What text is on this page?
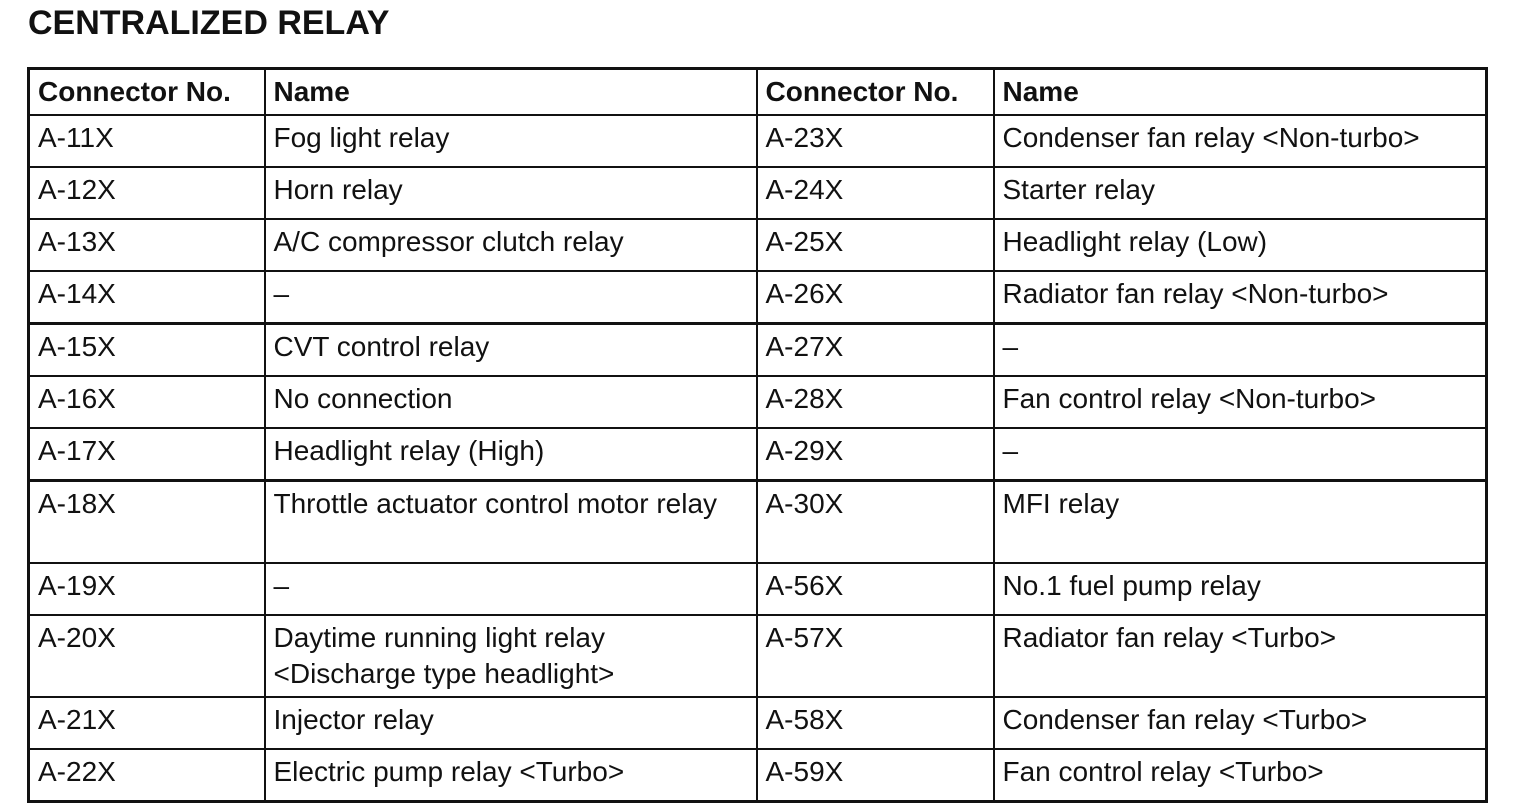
CENTRALIZED RELAY
Connector No.	Name	Connector No.	Name
A-11X	Fog light relay	A-23X	Condenser fan relay <Non-turbo>
A-12X	Horn relay	A-24X	Starter relay
A-13X	A/C compressor clutch relay	A-25X	Headlight relay (Low)
A-14X	–	A-26X	Radiator fan relay <Non-turbo>
A-15X	CVT control relay	A-27X	–
A-16X	No connection	A-28X	Fan control relay <Non-turbo>
A-17X	Headlight relay (High)	A-29X	–
A-18X	Throttle actuator control motor relay	A-30X	MFI relay
A-19X	–	A-56X	No.1 fuel pump relay
A-20X	Daytime running light relay <Discharge type headlight>	A-57X	Radiator fan relay <Turbo>
A-21X	Injector relay	A-58X	Condenser fan relay <Turbo>
A-22X	Electric pump relay <Turbo>	A-59X	Fan control relay <Turbo>
